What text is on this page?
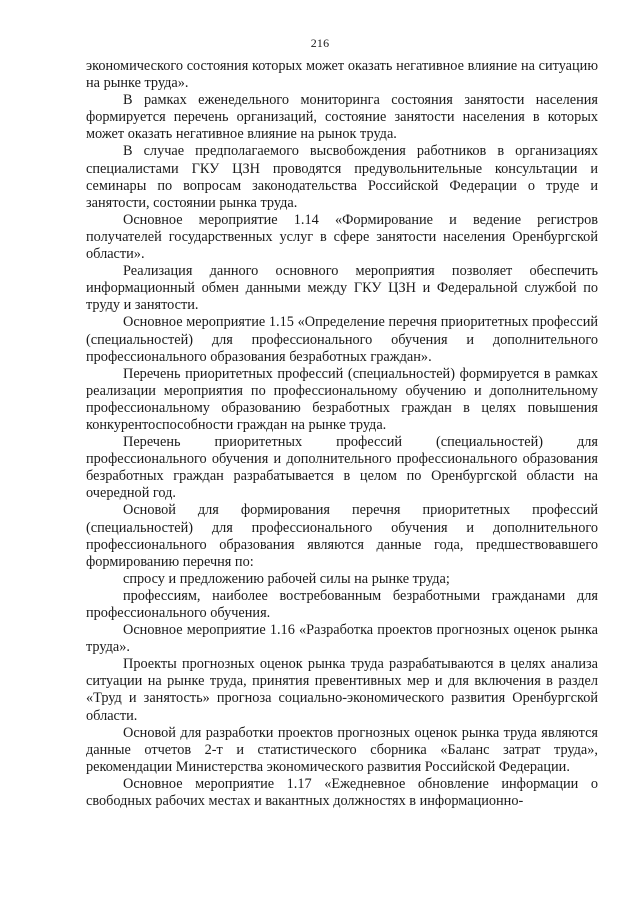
216

экономического состояния которых может оказать негативное влияние на ситуацию на рынке труда».

В рамках еженедельного мониторинга состояния занятости населения формируется перечень организаций, состояние занятости населения в которых может оказать негативное влияние на рынок труда.

В случае предполагаемого высвобождения работников в организациях специалистами ГКУ ЦЗН проводятся предувольнительные консультации и семинары по вопросам законодательства Российской Федерации о труде и занятости, состоянии рынка труда.

Основное мероприятие 1.14 «Формирование и ведение регистров получателей государственных услуг в сфере занятости населения Оренбургской области».

Реализация данного основного мероприятия позволяет обеспечить информационный обмен данными между ГКУ ЦЗН и Федеральной службой по труду и занятости.

Основное мероприятие 1.15 «Определение перечня приоритетных профессий (специальностей) для профессионального обучения и дополнительного профессионального образования безработных граждан».

Перечень приоритетных профессий (специальностей) формируется в рамках реализации мероприятия по профессиональному обучению и дополнительному профессиональному образованию безработных граждан в целях повышения конкурентоспособности граждан на рынке труда.

Перечень приоритетных профессий (специальностей) для профессионального обучения и дополнительного профессионального образования безработных граждан разрабатывается в целом по Оренбургской области на очередной год.

Основой для формирования перечня приоритетных профессий (специальностей) для профессионального обучения и дополнительного профессионального образования являются данные года, предшествовавшего формированию перечня по:

спросу и предложению рабочей силы на рынке труда;

профессиям, наиболее востребованным безработными гражданами для профессионального обучения.

Основное мероприятие 1.16 «Разработка проектов прогнозных оценок рынка труда».

Проекты прогнозных оценок рынка труда разрабатываются в целях анализа ситуации на рынке труда, принятия превентивных мер и для включения в раздел «Труд и занятость» прогноза социально-экономического развития Оренбургской области.

Основой для разработки проектов прогнозных оценок рынка труда являются данные отчетов 2-т и статистического сборника «Баланс затрат труда», рекомендации Министерства экономического развития Российской Федерации.

Основное мероприятие 1.17 «Ежедневное обновление информации о свободных рабочих местах и вакантных должностях в информационно-
